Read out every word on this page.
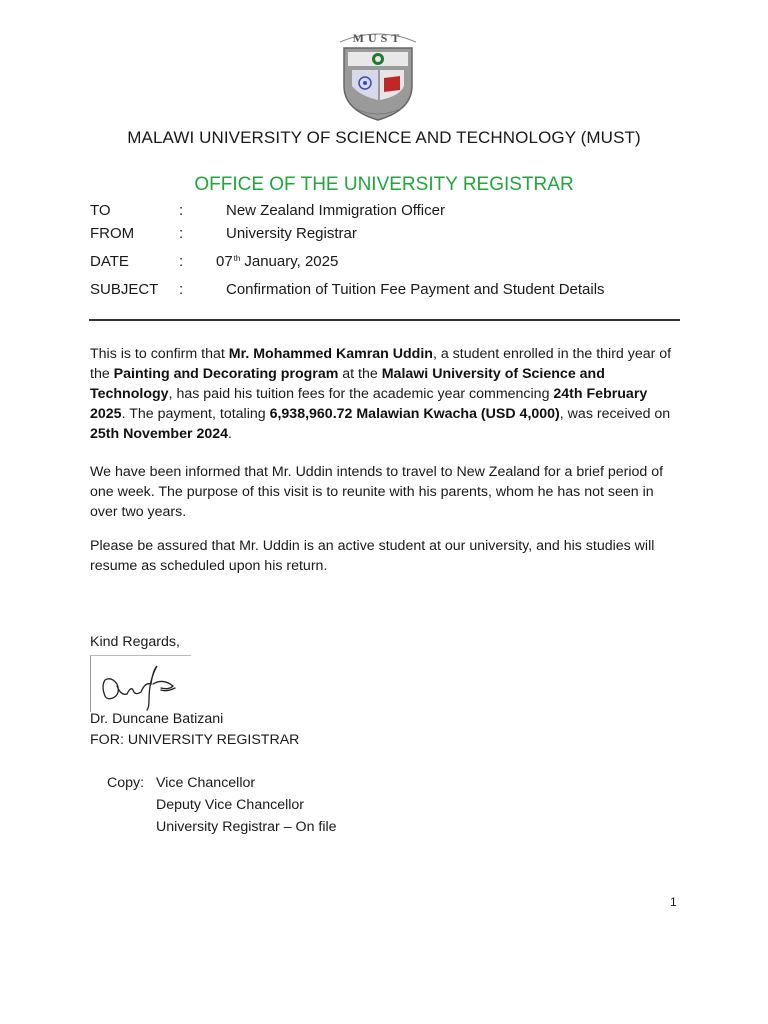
MUST
MALAWI UNIVERSITY OF SCIENCE AND TECHNOLOGY (MUST)
OFFICE OF THE UNIVERSITY REGISTRAR
TO	:	New Zealand Immigration Officer
FROM	:	University Registrar
DATE	: 07th January, 2025
SUBJECT :	Confirmation of Tuition Fee Payment and Student Details
This is to confirm that Mr. Mohammed Kamran Uddin, a student enrolled in the third year of the Painting and Decorating program at the Malawi University of Science and Technology, has paid his tuition fees for the academic year commencing 24th February 2025. The payment, totaling 6,938,960.72 Malawian Kwacha (USD 4,000), was received on 25th November 2024.
We have been informed that Mr. Uddin intends to travel to New Zealand for a brief period of one week. The purpose of this visit is to reunite with his parents, whom he has not seen in over two years.
Please be assured that Mr. Uddin is an active student at our university, and his studies will resume as scheduled upon his return.
Kind Regards,
Dr. Duncane Batizani
FOR: UNIVERSITY REGISTRAR
Copy: Vice Chancellor
Deputy Vice Chancellor
University Registrar – On file
1
